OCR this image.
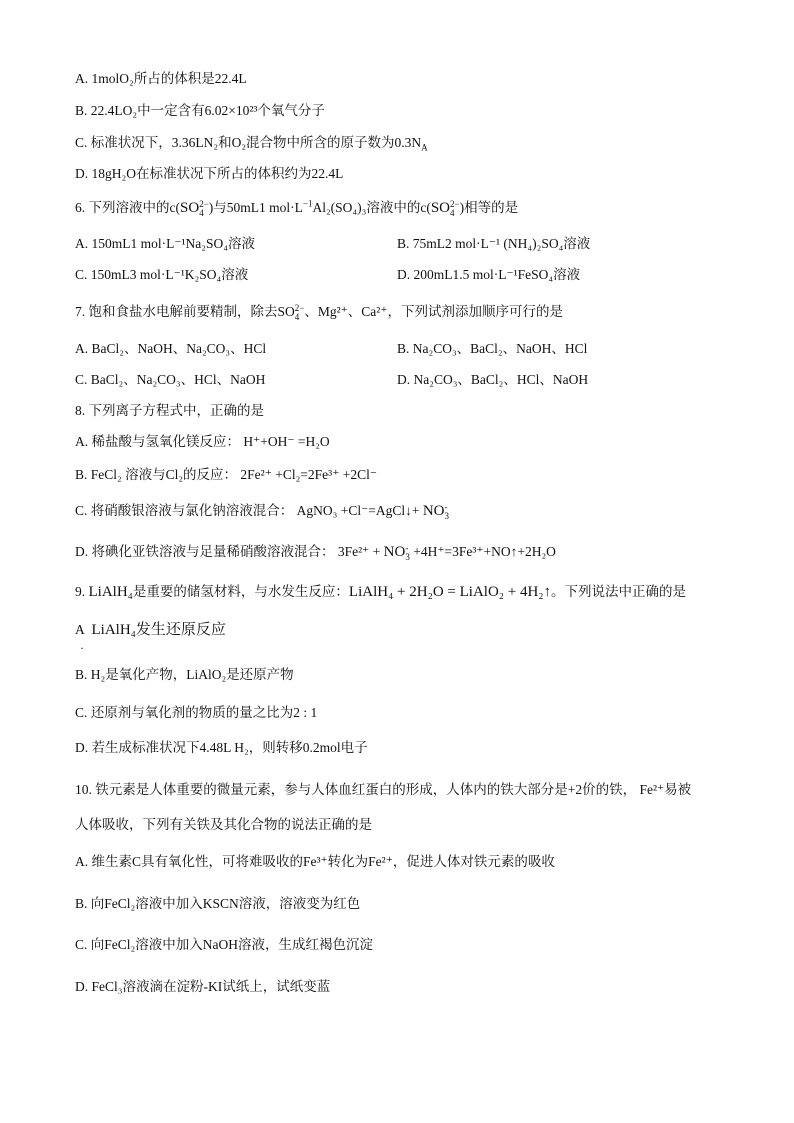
A. 1molO₂所占的体积是22.4L
B. 22.4LO₂中一定含有6.02×10²³个氧气分子
C. 标准状况下，3.36LN₂和O₂混合物中所含的原子数为$0.3N_A$
D. 18gH₂O在标准状况下所占的体积约为22.4L
6. 下列溶液中的c(SO 2−
4 )与50mL1 $mol\cdot L^{-1}Al_2(SO_4)_3$溶液中的c(SO 2−
4 )相等的是
A. 150mL1 mol·L⁻¹Na₂SO₄溶液	B. 75mL2 mol·L⁻¹ (NH₄)₂SO₄溶液
C. 150mL3 mol·L⁻¹K₂SO₄溶液	D. 200mL1.5 mol·L⁻¹FeSO₄溶液
7. 饱和食盐水电解前要精制，除去SO 2−
4 、Mg²⁺、Ca²⁺，下列试剂添加顺序可行的是
A. BaCl₂、NaOH、Na₂CO₃、HCl	B. Na₂CO₃、BaCl₂、NaOH、HCl
C. BaCl₂、Na₂CO₃、HCl、NaOH	D. Na₂CO₃、BaCl₂、HCl、NaOH
8. 下列离子方程式中，正确的是
A. 稀盐酸与氢氧化镁反应： H⁺+OH⁻ =H₂O
B. FeCl₂ 溶液与Cl₂的反应： 2Fe²⁺ +Cl₂=2Fe³⁺ +2Cl⁻
C. 将硝酸银溶液与氯化钠溶液混合： AgNO₃ +Cl⁻=AgCl↓+ NO -
3
D. 将碘化亚铁溶液与足量稀硝酸溶液混合： 3Fe²⁺ + NO -
3 +4H⁺=3Fe³⁺+NO↑+2H₂O
9. LiAlH₄是重要的储氢材料，与水发生反应：LiAlH₄ + 2H₂O = LiAlO₂ + 4H₂↑。下列说法中正确的是
A LiAlH₄发生还原反应
·
B. H₂是氧化产物，LiAlO₂是还原产物
C. 还原剂与氧化剂的物质的量之比为2 : 1
D. 若生成标准状况下4.48L H₂，则转移0.2mol电子
10. 铁元素是人体重要的微量元素，参与人体血红蛋白的形成，人体内的铁大部分是+2价的铁， Fe²⁺易被
人体吸收，下列有关铁及其化合物的说法正确的是
A. 维生素C具有氧化性，可将难吸收的Fe³⁺转化为Fe²⁺，促进人体对铁元素的吸收
B. 向FeCl₂溶液中加入KSCN溶液，溶液变为红色
C. 向FeCl₂溶液中加入NaOH溶液，生成红褐色沉淀
D. FeCl₃溶液滴在淀粉-KI试纸上，试纸变蓝
